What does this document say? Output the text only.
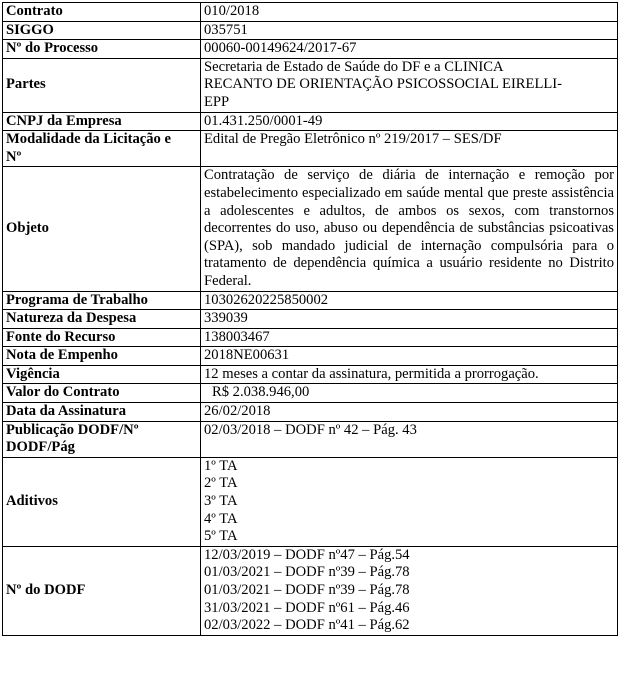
Contrato	010/2018
SIGGO	035751
Nº do Processo	00060-00149624/2017-67
Partes	Secretaria de Estado de Saúde do DF e a CLINICA
RECANTO DE ORIENTAÇÃO PSICOSSOCIAL EIRELLI-
EPP

CNPJ da Empresa	01.431.250/0001-49

Modalidade da Licitação e
Nº	Edital de Pregão Eletrônico nº 219/2017 – SES/DF
Objeto	Contratação de serviço de diária de internação e remoção por estabelecimento especializado em saúde mental que preste assistência a adolescentes e adultos, de ambos os sexos, com transtornos decorrentes do uso, abuso ou dependência de substâncias psicoativas (SPA), sob mandado judicial de internação compulsória para o tratamento de dependência química a usuário residente no Distrito Federal.
Programa de Trabalho	10302620225850002
Natureza da Despesa	339039
Fonte do Recurso	138003467
Nota de Empenho	2018NE00631
Vigência	12 meses a contar da assinatura, permitida a prorrogação.
Valor do Contrato	R$ 2.038.946,00
Data da Assinatura	26/02/2018

Publicação DODF/Nº
DODF/Pág	02/03/2018 – DODF nº 42 – Pág. 43
Aditivos	1º TA
2º TA
3º TA
4º TA
5º TA

Nº do DODF	12/03/2019 – DODF nº47 – Pág.54
01/03/2021 – DODF nº39 – Pág.78
01/03/2021 – DODF nº39 – Pág.78
31/03/2021 – DODF nº61 – Pág.46
02/03/2022 – DODF nº41 – Pág.62
